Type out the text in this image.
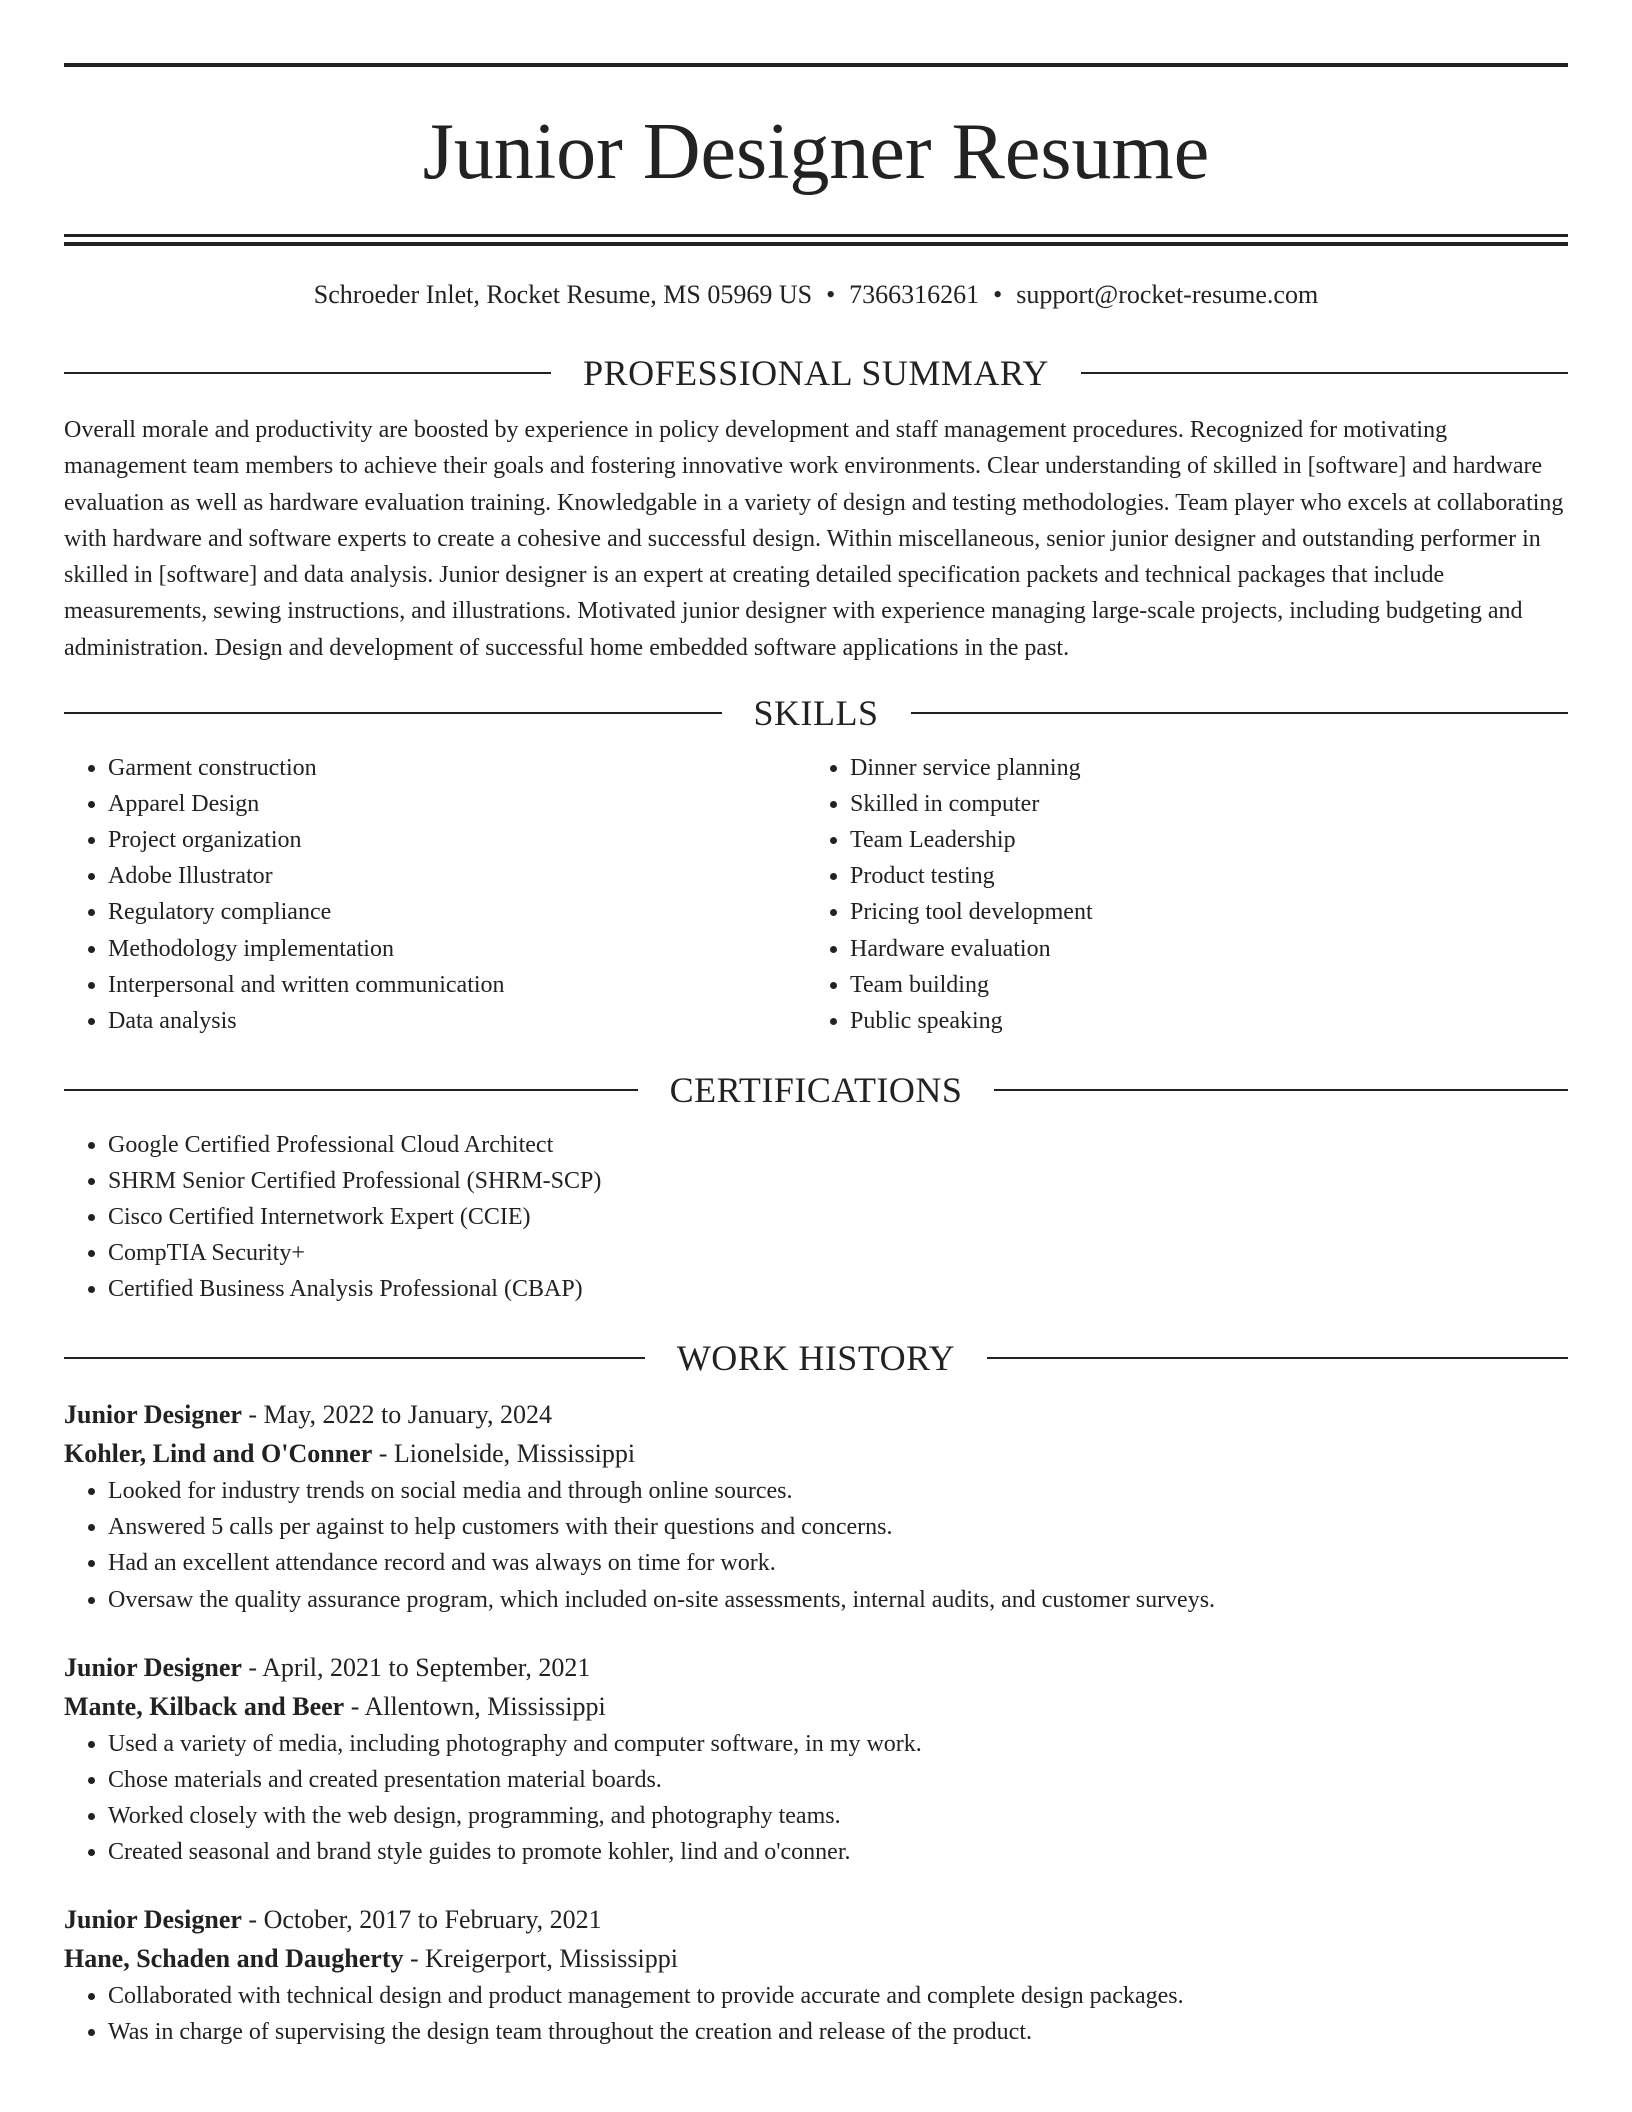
Junior Designer Resume
Schroeder Inlet, Rocket Resume, MS 05969 US • 7366316261 • support@rocket-resume.com
PROFESSIONAL SUMMARY

Overall morale and productivity are boosted by experience in policy development and staff management procedures. Recognized for motivating management team members to achieve their goals and fostering innovative work environments. Clear understanding of skilled in [software] and hardware evaluation as well as hardware evaluation training. Knowledgable in a variety of design and testing methodologies. Team player who excels at collaborating with hardware and software experts to create a cohesive and successful design. Within miscellaneous, senior junior designer and outstanding performer in skilled in [software] and data analysis. Junior designer is an expert at creating detailed specification packets and technical packages that include measurements, sewing instructions, and illustrations. Motivated junior designer with experience managing large-scale projects, including budgeting and administration. Design and development of successful home embedded software applications in the past.

SKILLS
• Garment construction
• Apparel Design
• Project organization
• Adobe Illustrator
• Regulatory compliance
• Methodology implementation
• Interpersonal and written communication
• Data analysis
• Dinner service planning
• Skilled in computer
• Team Leadership
• Product testing
• Pricing tool development
• Hardware evaluation
• Team building
• Public speaking
CERTIFICATIONS
• Google Certified Professional Cloud Architect
• SHRM Senior Certified Professional (SHRM-SCP)
• Cisco Certified Internetwork Expert (CCIE)
• CompTIA Security+
• Certified Business Analysis Professional (CBAP)
WORK HISTORY
Junior Designer - May, 2022 to January, 2024
Kohler, Lind and O'Conner - Lionelside, Mississippi
• Looked for industry trends on social media and through online sources.
• Answered 5 calls per against to help customers with their questions and concerns.
• Had an excellent attendance record and was always on time for work.
• Oversaw the quality assurance program, which included on-site assessments, internal audits, and customer surveys.
Junior Designer - April, 2021 to September, 2021
Mante, Kilback and Beer - Allentown, Mississippi
• Used a variety of media, including photography and computer software, in my work.
• Chose materials and created presentation material boards.
• Worked closely with the web design, programming, and photography teams.
• Created seasonal and brand style guides to promote kohler, lind and o'conner.
Junior Designer - October, 2017 to February, 2021
Hane, Schaden and Daugherty - Kreigerport, Mississippi
• Collaborated with technical design and product management to provide accurate and complete design packages.
• Was in charge of supervising the design team throughout the creation and release of the product.
